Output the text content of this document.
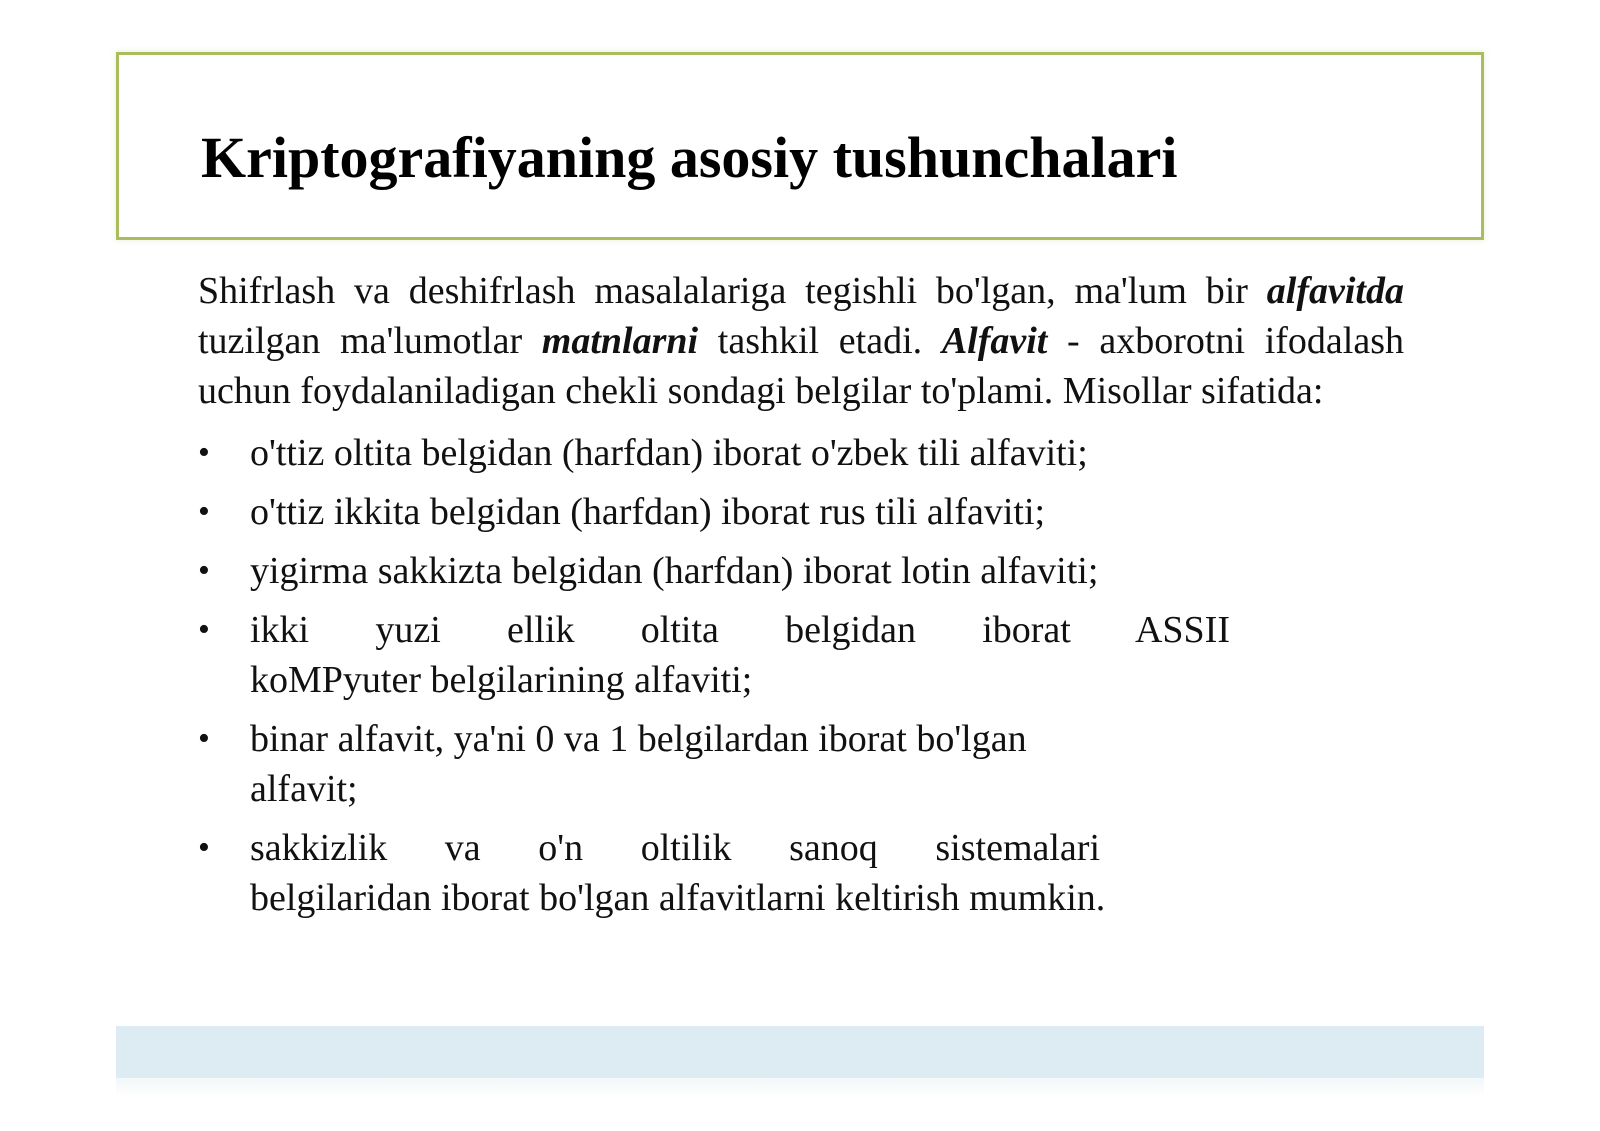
Kriptografiyaning asosiy tushunchalari

Shifrlash va deshifrlash masalalariga tegishli bo'lgan, ma'lum bir alfavitda tuzilgan ma'lumotlar matnlarni tashkil etadi. Alfavit - axborotni ifodalash uchun foydalaniladigan chekli sondagi belgilar to'plami. Misollar sifatida:

• o'ttiz oltita belgidan (harfdan) iborat o'zbek tili alfaviti;
• o'ttiz ikkita belgidan (harfdan) iborat rus tili alfaviti;
• yigirma sakkizta belgidan (harfdan) iborat lotin alfaviti;
• ikki yuzi ellik oltita belgidan iborat ASSII
koMPyuter belgilarining alfaviti;
• binar alfavit, ya'ni 0 va 1 belgilardan iborat bo'lgan
alfavit;
• sakkizlik va o'n oltilik sanoq sistemalari
belgilaridan iborat bo'lgan alfavitlarni keltirish mumkin.
